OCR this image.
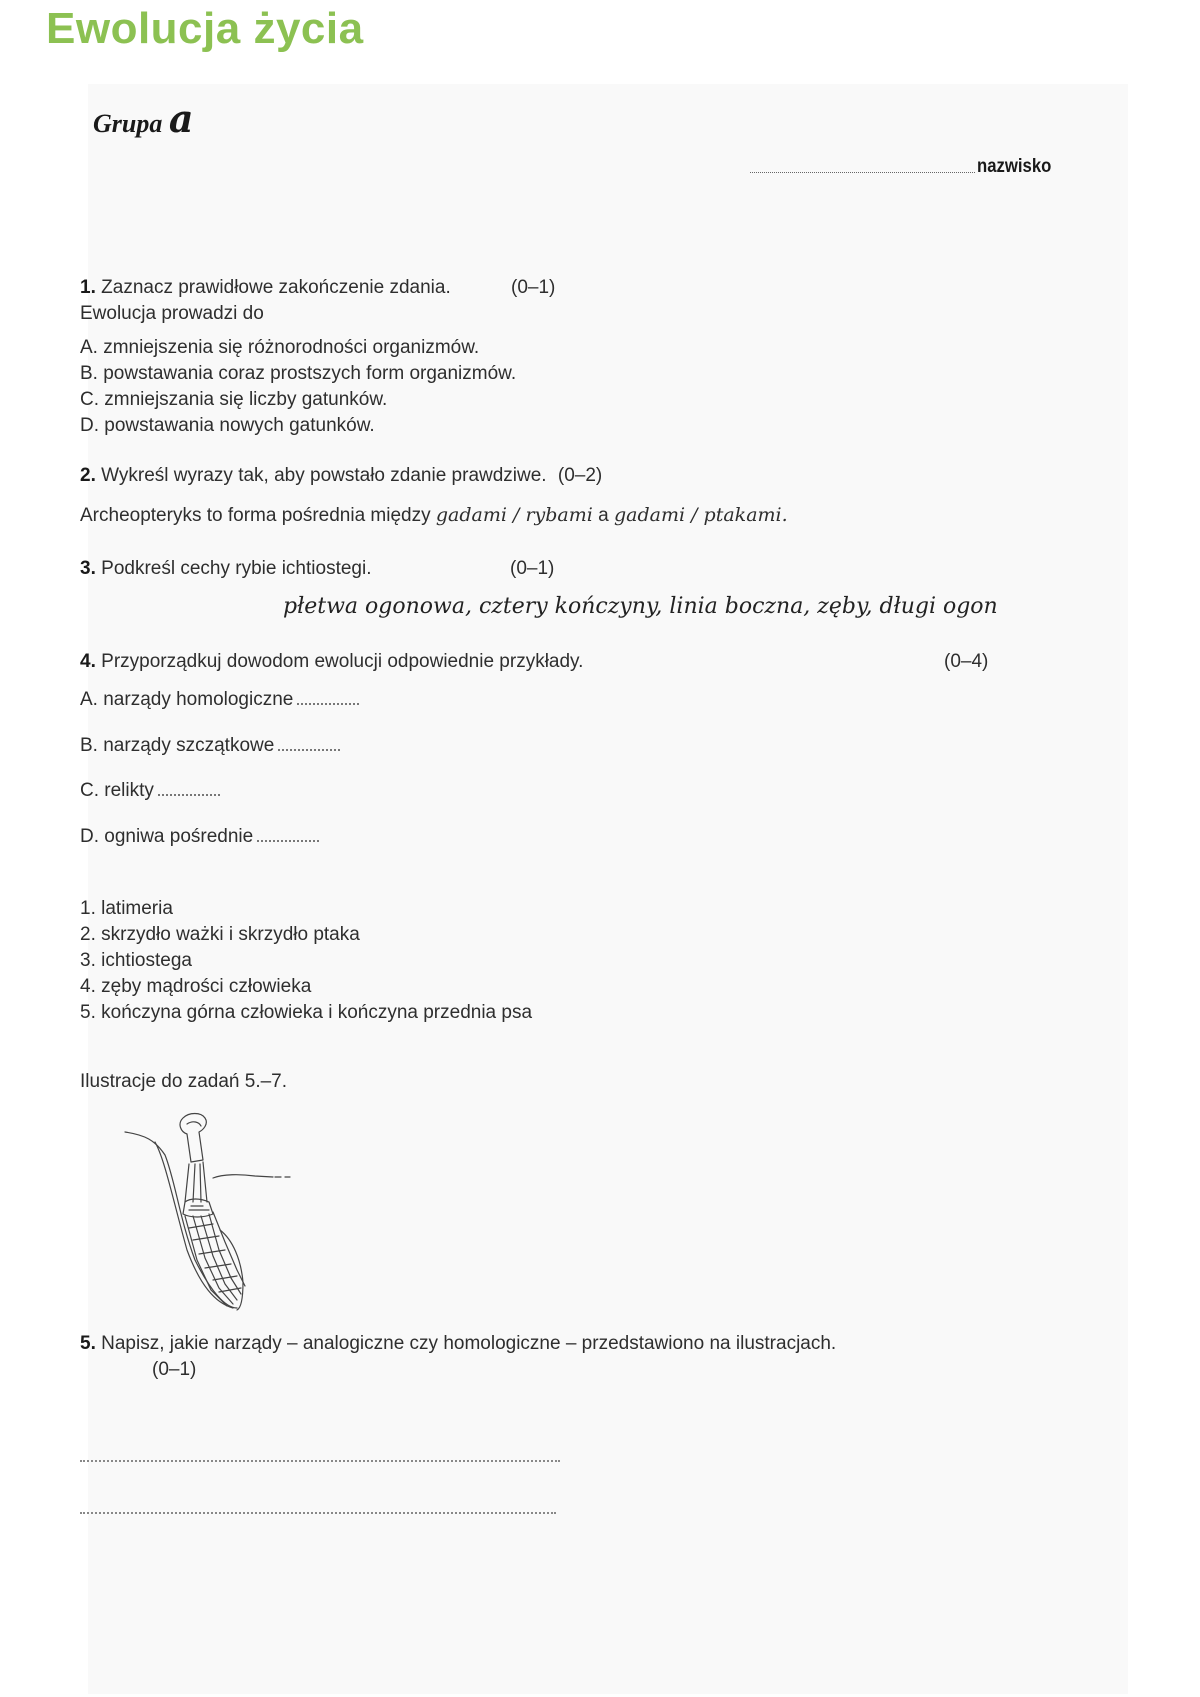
Ewolucja życia
Grupa a
nazwisko
1. Zaznacz prawidłowe zakończenie zdania.	(0–1)
Ewolucja prowadzi do
A. zmniejszenia się różnorodności organizmów.
B. powstawania coraz prostszych form organizmów.
C. zmniejszania się liczby gatunków.
D. powstawania nowych gatunków.
2. Wykreśl wyrazy tak, aby powstało zdanie prawdziwe. (0–2)
Archeopteryks to forma pośrednia między gadami / rybami a gadami / ptakami.
3. Podkreśl cechy rybie ichtiostegi.	(0–1)
płetwa ogonowa, cztery kończyny, linia boczna, zęby, długi ogon
4. Przyporządkuj dowodom ewolucji odpowiednie przykłady.	(0–4)
A. narządy homologiczne
B. narządy szczątkowe
C. relikty
D. ogniwa pośrednie
1. latimeria
2. skrzydło ważki i skrzydło ptaka
3. ichtiostega
4. zęby mądrości człowieka
5. kończyna górna człowieka i kończyna przednia psa
Ilustracje do zadań 5.–7.
5. Napisz, jakie narządy – analogiczne czy homologiczne – przedstawiono na ilustracjach.
(0–1)
